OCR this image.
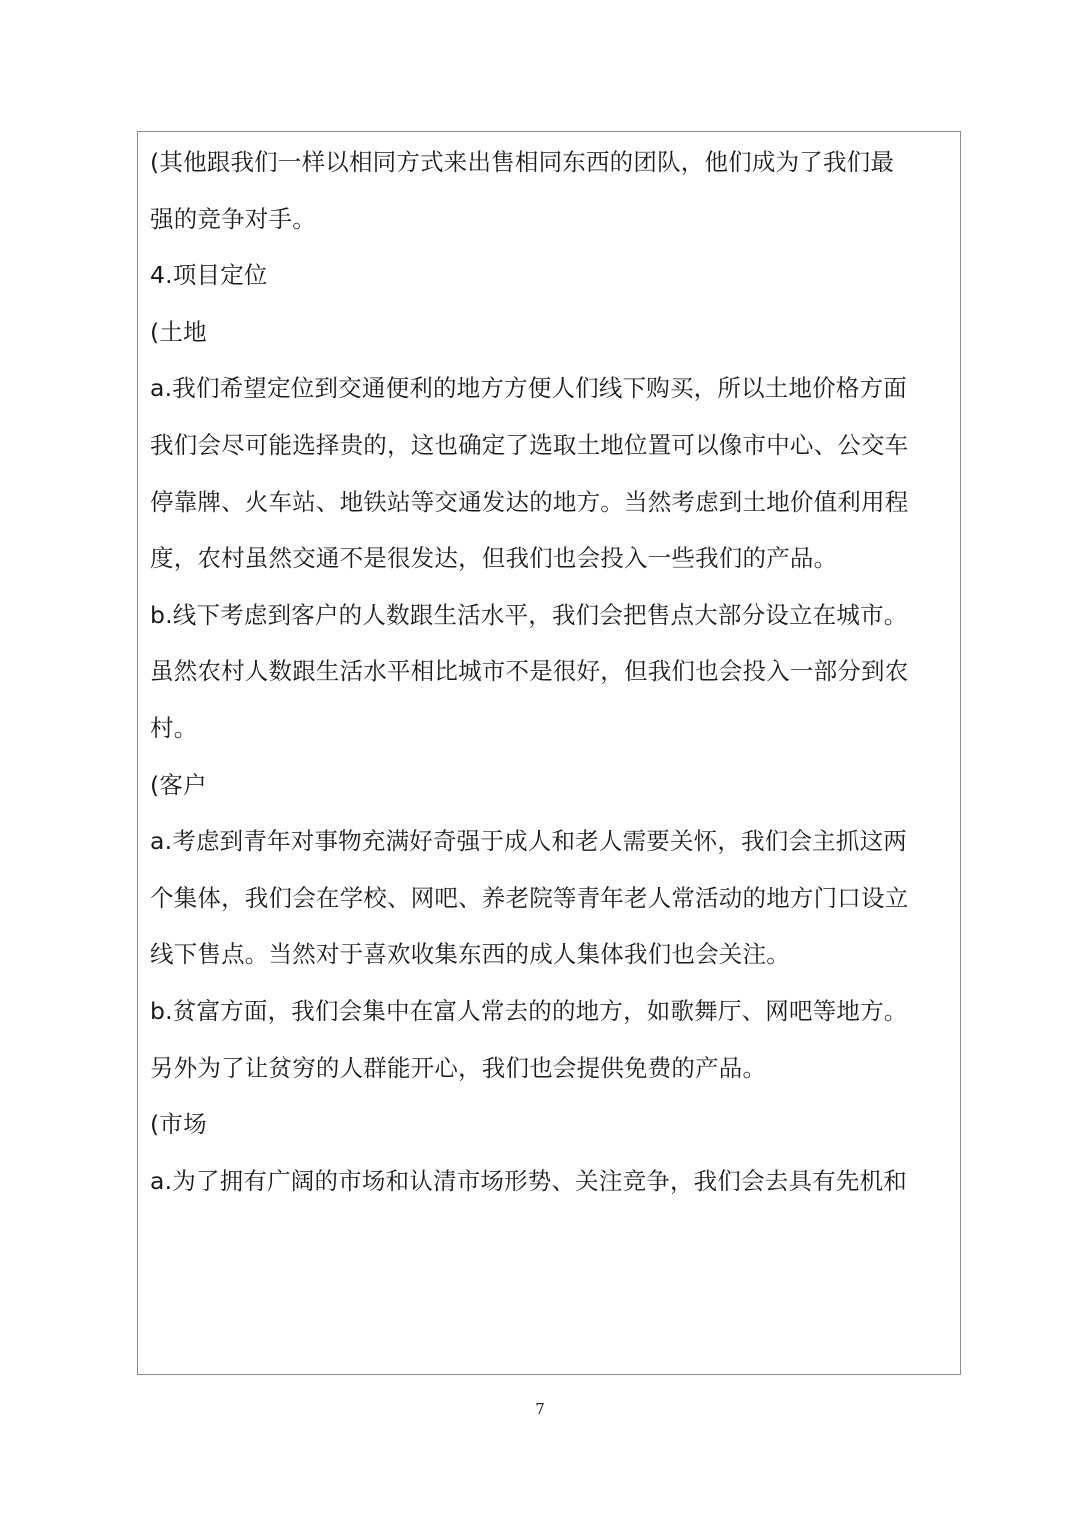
(其他跟我们一样以相同方式来出售相同东西的团队，他们成为了我们最
强的竞争对手。
4.项目定位
(土地
a.我们希望定位到交通便利的地方方便人们线下购买，所以土地价格方面
我们会尽可能选择贵的，这也确定了选取土地位置可以像市中心、公交车
停靠牌、火车站、地铁站等交通发达的地方。当然考虑到土地价值利用程
度，农村虽然交通不是很发达，但我们也会投入一些我们的产品。
b.线下考虑到客户的人数跟生活水平，我们会把售点大部分设立在城市。
虽然农村人数跟生活水平相比城市不是很好，但我们也会投入一部分到农
村。
(客户
a.考虑到青年对事物充满好奇强于成人和老人需要关怀，我们会主抓这两
个集体，我们会在学校、网吧、养老院等青年老人常活动的地方门口设立
线下售点。当然对于喜欢收集东西的成人集体我们也会关注。
b.贫富方面，我们会集中在富人常去的的地方，如歌舞厅、网吧等地方。
另外为了让贫穷的人群能开心，我们也会提供免费的产品。
(市场
a.为了拥有广阔的市场和认清市场形势、关注竞争，我们会去具有先机和
7
